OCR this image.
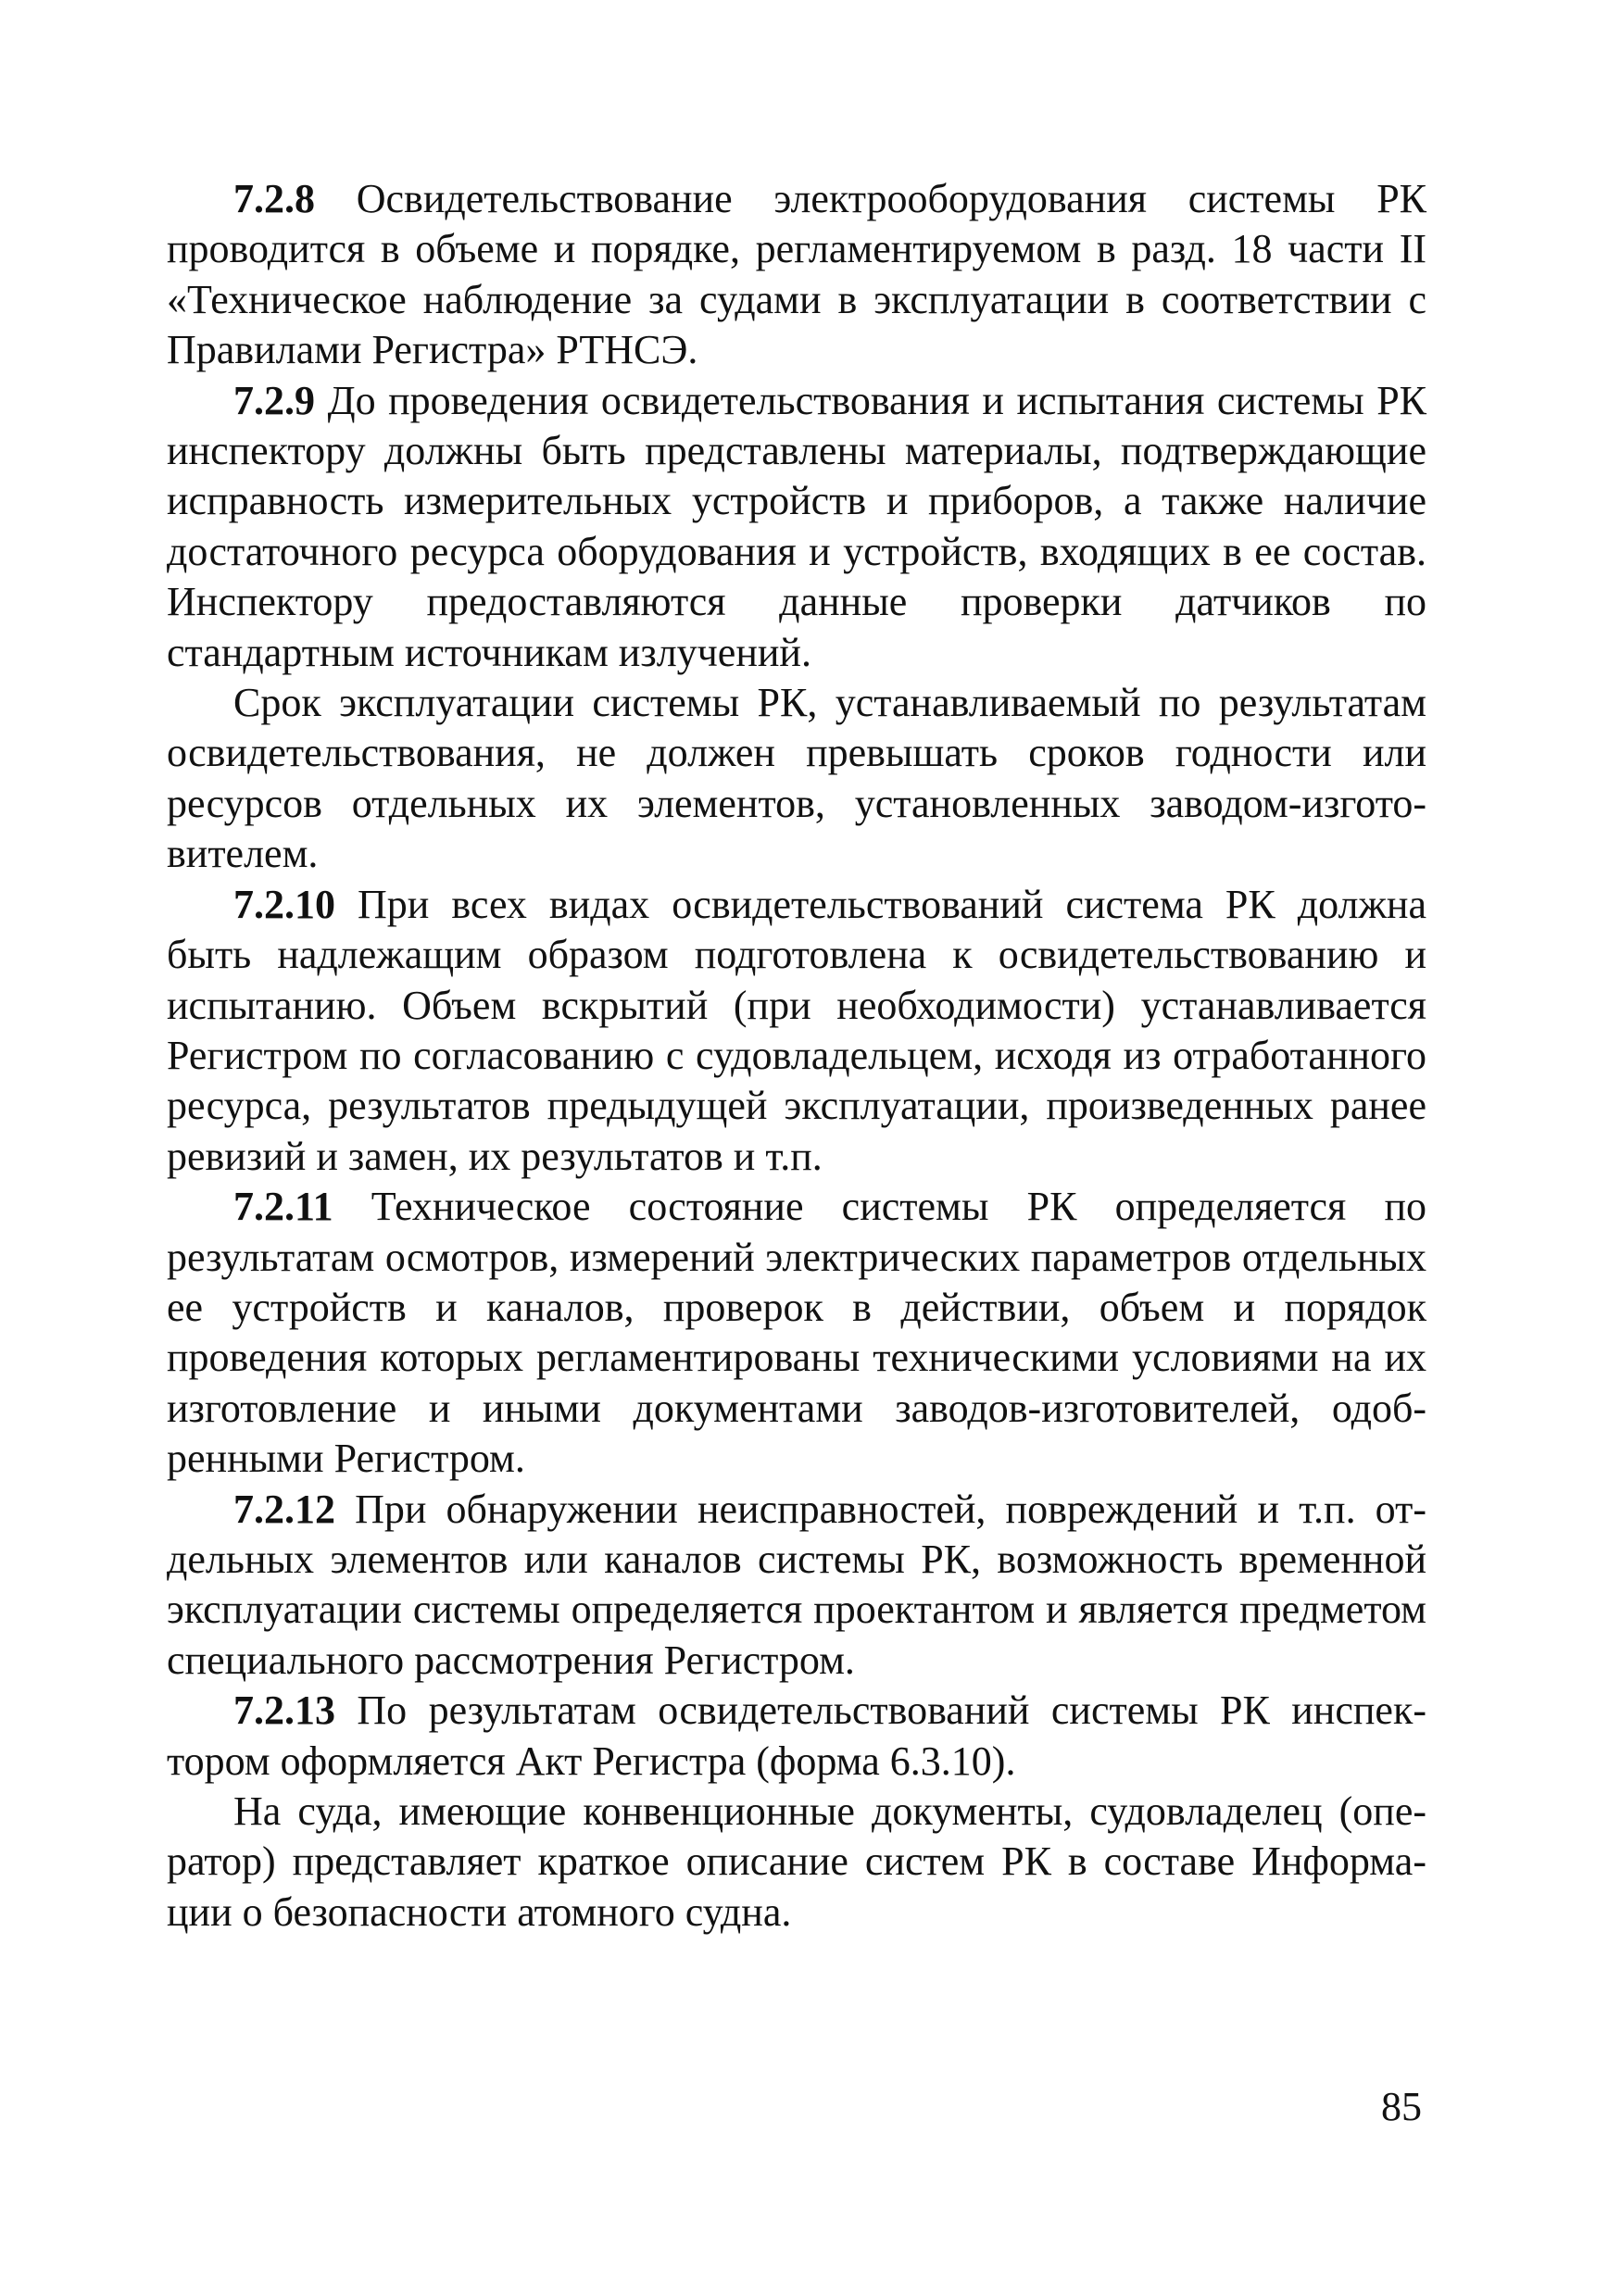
7.2.8 Освидетельствование электрооборудования системы РК проводится в объеме и порядке, регламентируемом в разд. 18 части II «Техническое наблюдение за судами в эксплуатации в соответствии с Правилами Регистра» РТНСЭ.

7.2.9 До проведения освидетельствования и испытания системы РК инспектору должны быть представлены материалы, подтверждающие исправность измерительных устройств и приборов, а также наличие достаточного ресурса оборудования и устройств, входящих в ее состав. Инспектору предоставляются данные проверки датчиков по стандартным источникам излучений.

Срок эксплуатации системы РК, устанавливаемый по результатам освидетельствования, не должен превышать сроков годности или ресурсов отдельных их элементов, установленных заводом-изготовителем.

7.2.10 При всех видах освидетельствований система РК должна быть надлежащим образом подготовлена к освидетельствованию и испытанию. Объем вскрытий (при необходимости) устанавливается Регистром по согласованию с судовладельцем, исходя из отработанного ресурса, результатов предыдущей эксплуатации, произведенных ранее ревизий и замен, их результатов и т.п.

7.2.11 Техническое состояние системы РК определяется по результатам осмотров, измерений электрических параметров отдельных ее устройств и каналов, проверок в действии, объем и порядок проведения которых регламентированы техническими условиями на их изготовление и иными документами заводов-изготовителей, одобренными Регистром.

7.2.12 При обнаружении неисправностей, повреждений и т.п. отдельных элементов или каналов системы РК, возможность временной эксплуатации системы определяется проектантом и является предметом специального рассмотрения Регистром.

7.2.13 По результатам освидетельствований системы РК инспектором оформляется Акт Регистра (форма 6.3.10).

На суда, имеющие конвенционные документы, судовладелец (оператор) представляет краткое описание систем РК в составе Информации о безопасности атомного судна.

85
